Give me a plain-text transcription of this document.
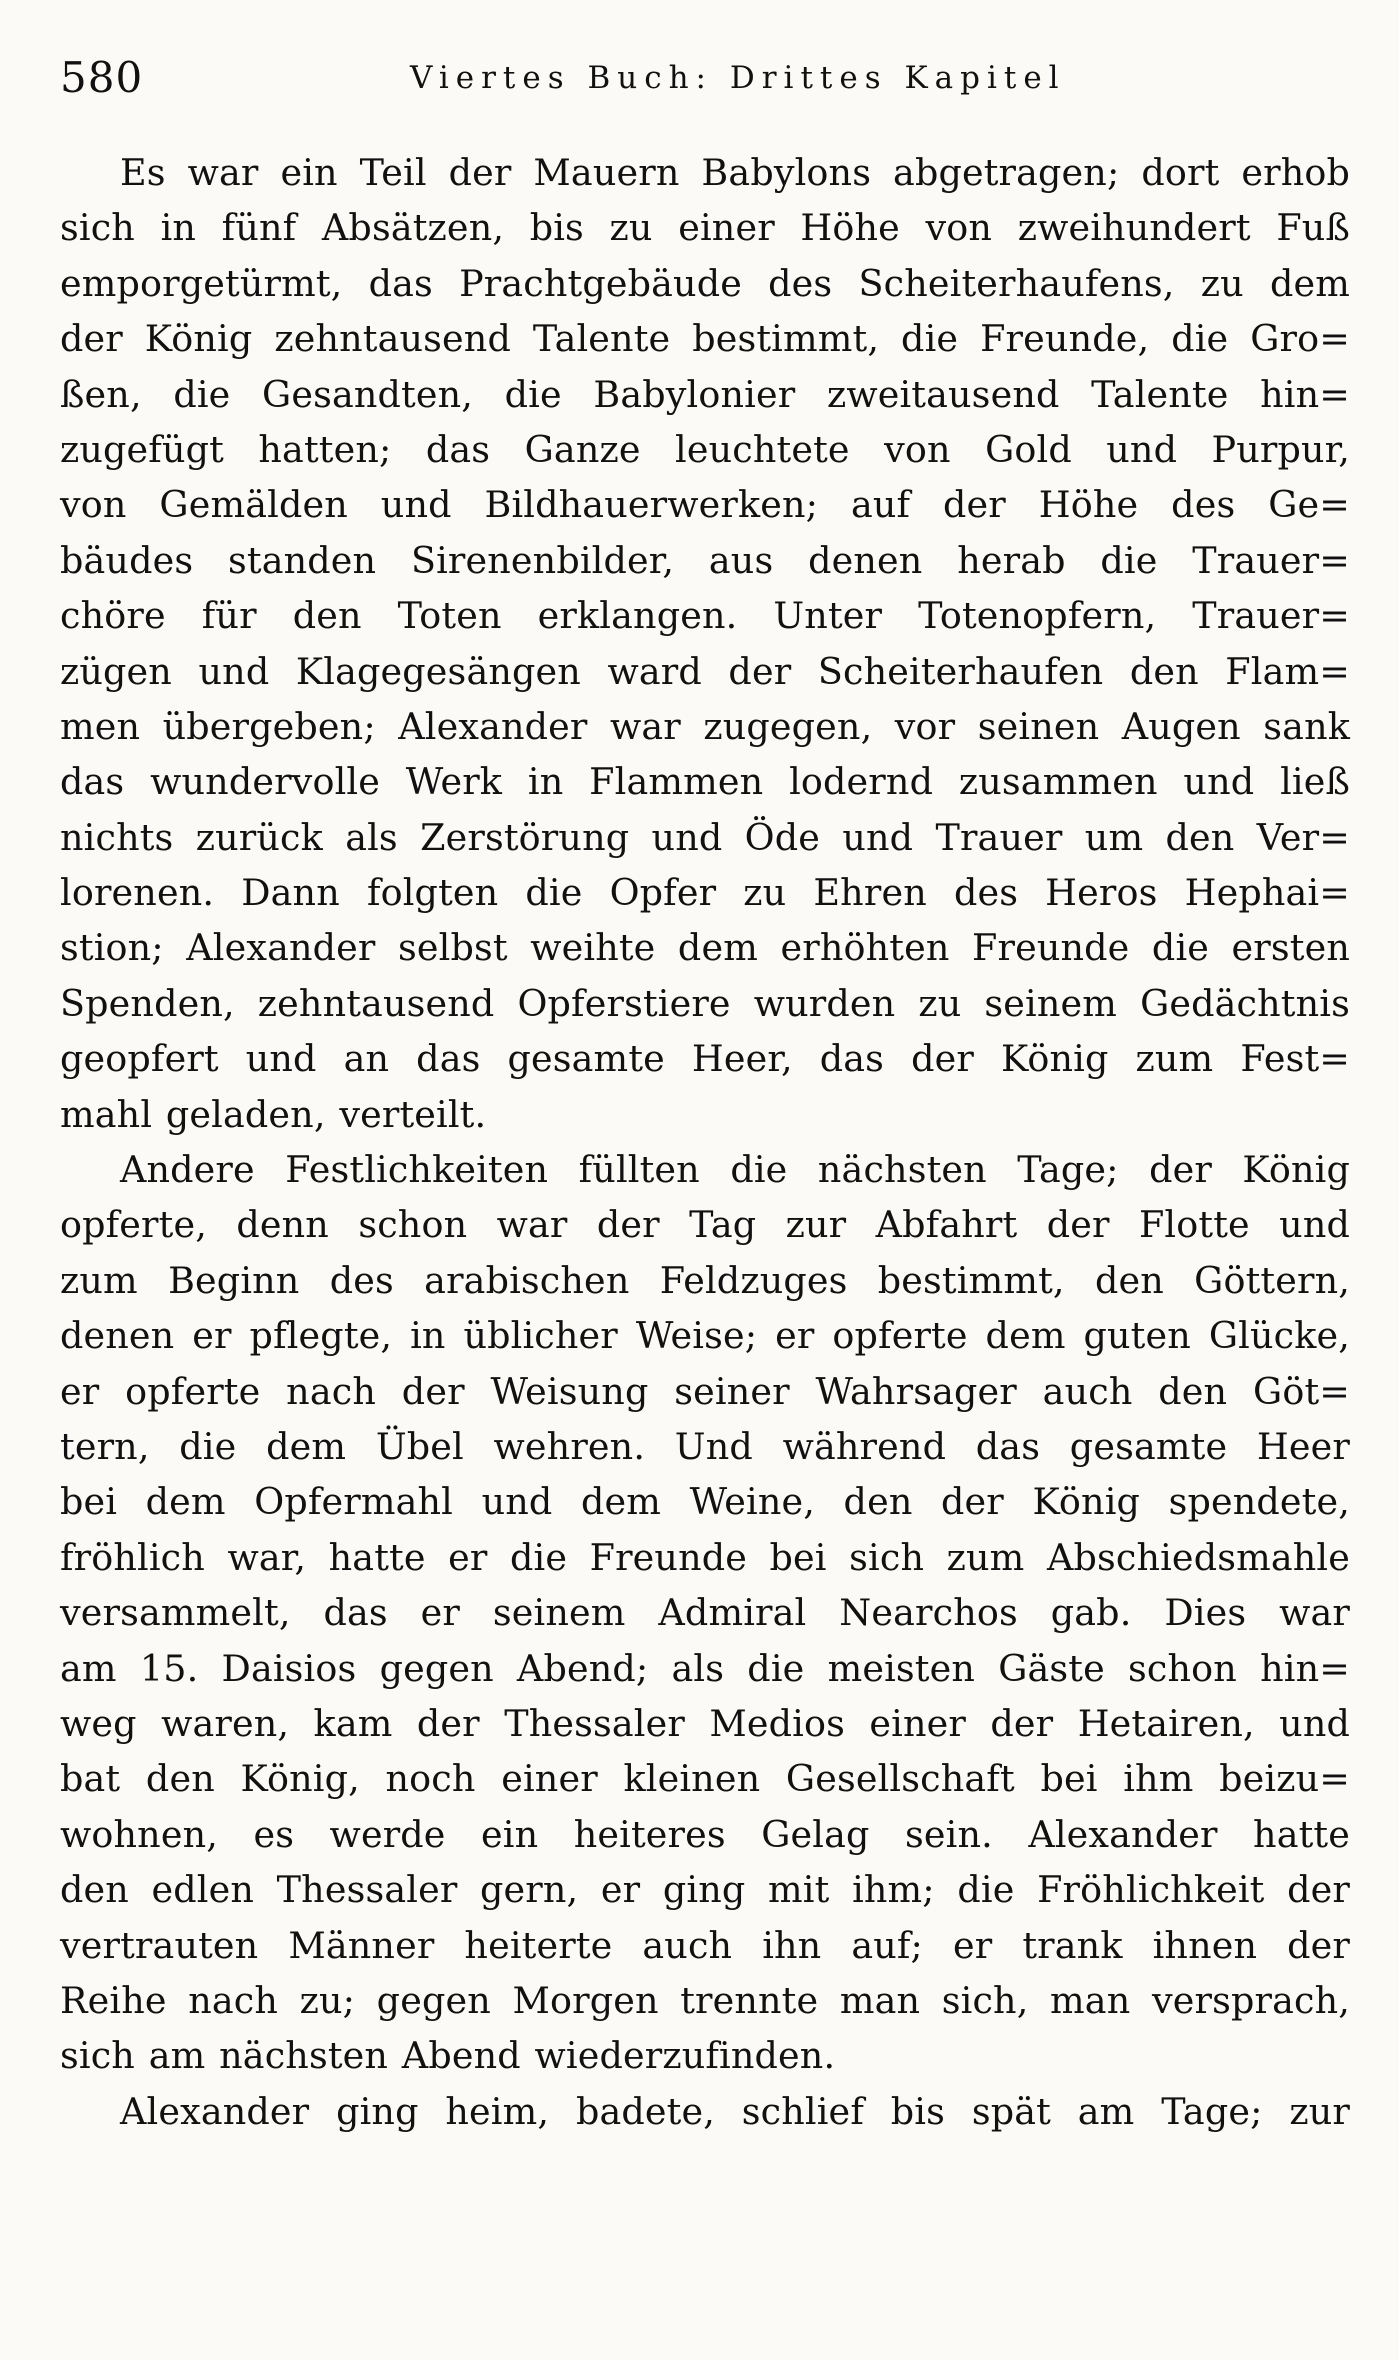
580	Viertes Buch: Drittes Kapitel

Es war ein Teil der Mauern Babylons abgetragen; dort erhob
sich in fünf Absätzen, bis zu einer Höhe von zweihundert Fuß
emporgetürmt, das Prachtgebäude des Scheiterhaufens, zu dem
der König zehntausend Talente bestimmt, die Freunde, die Gro=
ßen, die Gesandten, die Babylonier zweitausend Talente hin=
zugefügt hatten; das Ganze leuchtete von Gold und Purpur,
von Gemälden und Bildhauerwerken; auf der Höhe des Ge=
bäudes standen Sirenenbilder, aus denen herab die Trauer=
chöre für den Toten erklangen. Unter Totenopfern, Trauer=
zügen und Klagegesängen ward der Scheiterhaufen den Flam=
men übergeben; Alexander war zugegen, vor seinen Augen sank
das wundervolle Werk in Flammen lodernd zusammen und ließ
nichts zurück als Zerstörung und Öde und Trauer um den Ver=
lorenen. Dann folgten die Opfer zu Ehren des Heros Hephai=
stion; Alexander selbst weihte dem erhöhten Freunde die ersten
Spenden, zehntausend Opferstiere wurden zu seinem Gedächtnis
geopfert und an das gesamte Heer, das der König zum Fest=
mahl geladen, verteilt.

Andere Festlichkeiten füllten die nächsten Tage; der König
opferte, denn schon war der Tag zur Abfahrt der Flotte und
zum Beginn des arabischen Feldzuges bestimmt, den Göttern,
denen er pflegte, in üblicher Weise; er opferte dem guten Glücke,
er opferte nach der Weisung seiner Wahrsager auch den Göt=
tern, die dem Übel wehren. Und während das gesamte Heer
bei dem Opfermahl und dem Weine, den der König spendete,
fröhlich war, hatte er die Freunde bei sich zum Abschiedsmahle
versammelt, das er seinem Admiral Nearchos gab. Dies war
am 15. Daisios gegen Abend; als die meisten Gäste schon hin=
weg waren, kam der Thessaler Medios einer der Hetairen, und
bat den König, noch einer kleinen Gesellschaft bei ihm beizu=
wohnen, es werde ein heiteres Gelag sein. Alexander hatte
den edlen Thessaler gern, er ging mit ihm; die Fröhlichkeit der
vertrauten Männer heiterte auch ihn auf; er trank ihnen der
Reihe nach zu; gegen Morgen trennte man sich, man versprach,
sich am nächsten Abend wiederzufinden.

Alexander ging heim, badete, schlief bis spät am Tage; zur
